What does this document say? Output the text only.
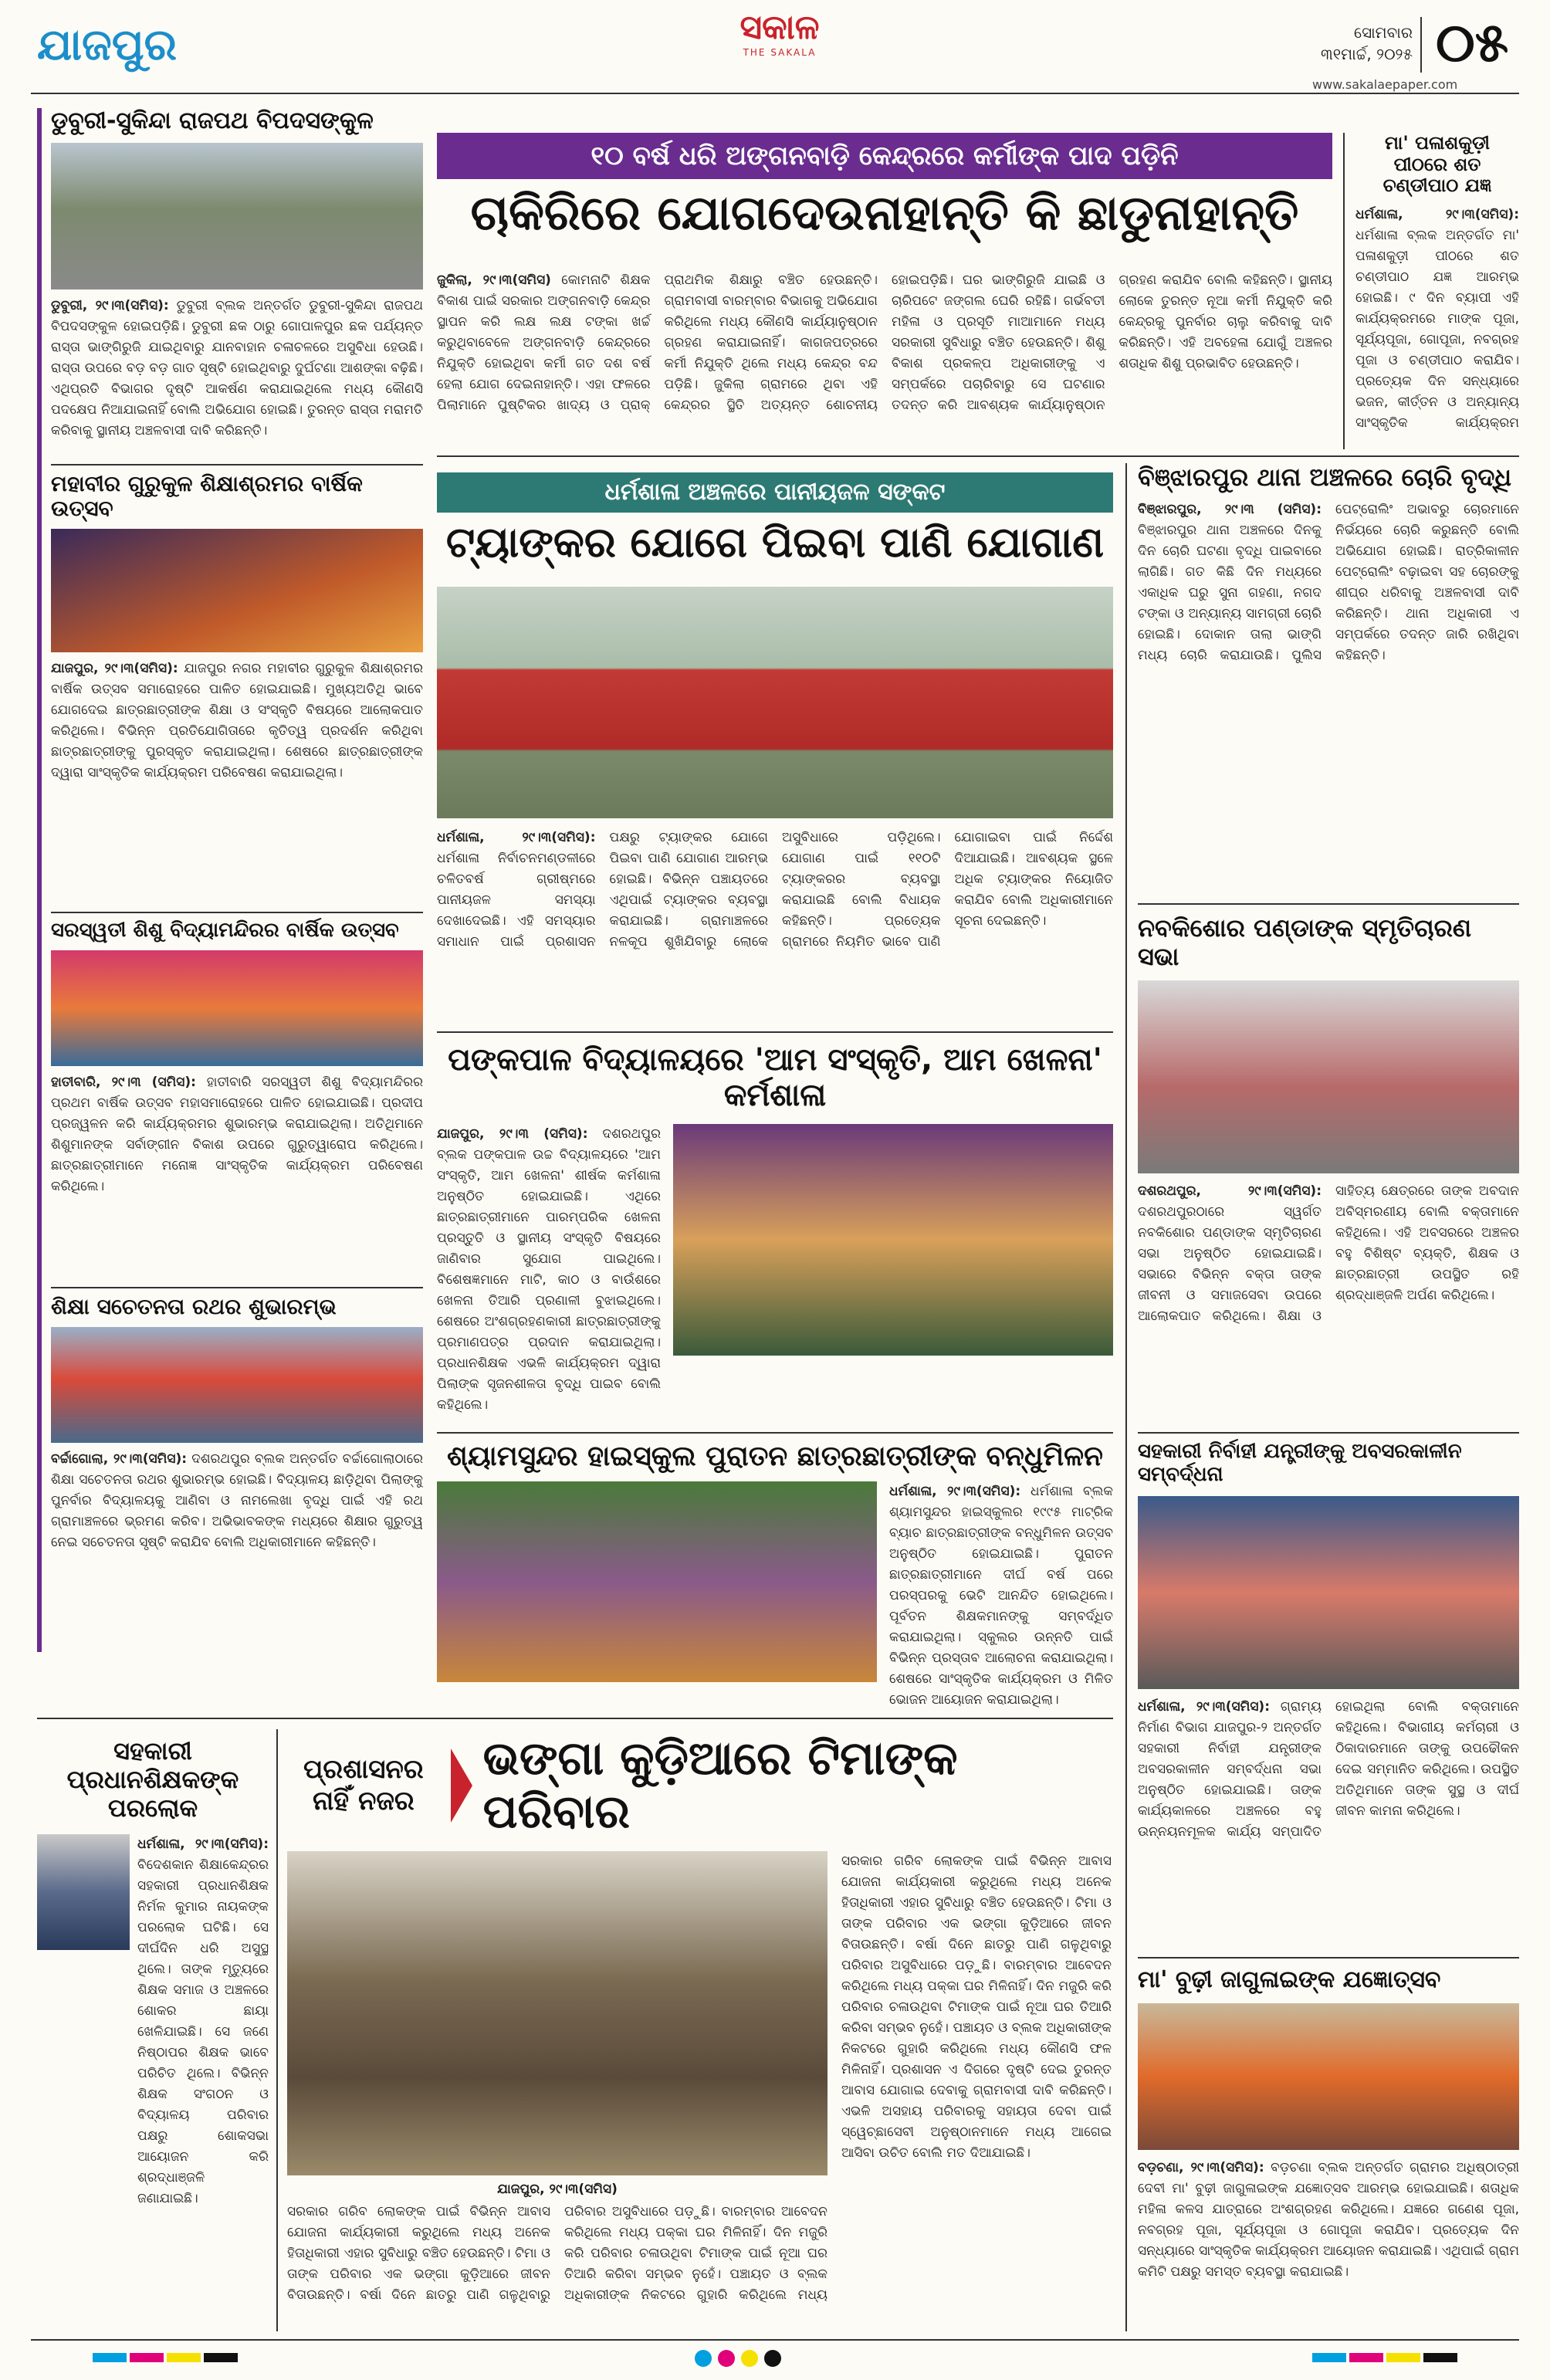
ଯାଜପୁର	ସକାଳ
THE SAKALA
ସୋମବାର
୩୧ମାର୍ଚ୍ଚ, ୨୦୨୫ ୦୫
www.sakalaepaper.com
ଡୁବୁରୀ-ସୁକିନ୍ଦା ରାଜପଥ ବିପଦସଙ୍କୁଳ
ଡୁବୁରୀ, ୨୯।୩(ସମିସ): ଡୁବୁରୀ ବ୍ଲକ ଅନ୍ତର୍ଗତ ଡୁବୁରୀ-ସୁକିନ୍ଦା ରାଜପଥ ବିପଦସଙ୍କୁଳ ହୋଇପଡ଼ିଛି। ଡୁବୁରୀ ଛକ ଠାରୁ ଗୋପାଳପୁର ଛକ ପର୍ଯ୍ୟନ୍ତ ରାସ୍ତା ଭାଙ୍ଗିରୁଜି ଯାଇଥିବାରୁ ଯାନବାହାନ ଚଳାଚଳରେ ଅସୁବିଧା ହେଉଛି। ରାସ୍ତା ଉପରେ ବଡ଼ ବଡ଼ ଗାତ ସୃଷ୍ଟି ହୋଇଥିବାରୁ ଦୁର୍ଘଟଣା ଆଶଙ୍କା ବଢ଼ିଛି। ଏଥିପ୍ରତି ବିଭାଗର ଦୃଷ୍ଟି ଆକର୍ଷଣ କରାଯାଇଥିଲେ ମଧ୍ୟ କୌଣସି ପଦକ୍ଷେପ ନିଆଯାଇନାହିଁ ବୋଲି ଅଭିଯୋଗ ହୋଇଛି। ତୁରନ୍ତ ରାସ୍ତା ମରାମତି କରିବାକୁ ସ୍ଥାନୀୟ ଅଞ୍ଚଳବାସୀ ଦାବି କରିଛନ୍ତି।
ମହାବୀର ଗୁରୁକୁଳ ଶିକ୍ଷାଶ୍ରମର ବାର୍ଷିକ ଉତ୍ସବ
ଯାଜପୁର, ୨୯।୩(ସମିସ): ଯାଜପୁର ନଗର ମହାବୀର ଗୁରୁକୁଳ ଶିକ୍ଷାଶ୍ରମର ବାର୍ଷିକ ଉତ୍ସବ ସମାରୋହରେ ପାଳିତ ହୋଇଯାଇଛି। ମୁଖ୍ୟଅତିଥି ଭାବେ ଯୋଗଦେଇ ଛାତ୍ରଛାତ୍ରୀଙ୍କ ଶିକ୍ଷା ଓ ସଂସ୍କୃତି ବିଷୟରେ ଆଲୋକପାତ କରିଥିଲେ। ବିଭିନ୍ନ ପ୍ରତିଯୋଗିତାରେ କୃତିତ୍ୱ ପ୍ରଦର୍ଶନ କରିଥିବା ଛାତ୍ରଛାତ୍ରୀଙ୍କୁ ପୁରସ୍କୃତ କରାଯାଇଥିଲା। ଶେଷରେ ଛାତ୍ରଛାତ୍ରୀଙ୍କ ଦ୍ୱାରା ସାଂସ୍କୃତିକ କାର୍ଯ୍ୟକ୍ରମ ପରିବେଷଣ କରାଯାଇଥିଲା।
ସରସ୍ୱତୀ ଶିଶୁ ବିଦ୍ୟାମନ୍ଦିରର ବାର୍ଷିକ ଉତ୍ସବ
ହାତୀବାରି, ୨୯।୩ (ସମିସ): ହାତୀବାରି ସରସ୍ୱତୀ ଶିଶୁ ବିଦ୍ୟାମନ୍ଦିରର ପ୍ରଥମ ବାର୍ଷିକ ଉତ୍ସବ ମହାସମାରୋହରେ ପାଳିତ ହୋଇଯାଇଛି। ପ୍ରଦୀପ ପ୍ରଜ୍ୱଳନ କରି କାର୍ଯ୍ୟକ୍ରମର ଶୁଭାରମ୍ଭ କରାଯାଇଥିଲା। ଅତିଥିମାନେ ଶିଶୁମାନଙ୍କ ସର୍ବାଙ୍ଗୀନ ବିକାଶ ଉପରେ ଗୁରୁତ୍ୱାରୋପ କରିଥିଲେ। ଛାତ୍ରଛାତ୍ରୀମାନେ ମନୋଜ୍ଞ ସାଂସ୍କୃତିକ କାର୍ଯ୍ୟକ୍ରମ ପରିବେଷଣ କରିଥିଲେ।
ଶିକ୍ଷା ସଚେତନତା ରଥର ଶୁଭାରମ୍ଭ
ବର୍ଚ୍ଚାଗୋଲା, ୨୯।୩(ସମିସ): ଦଶରଥପୁର ବ୍ଲକ ଅନ୍ତର୍ଗତ ବର୍ଚ୍ଚାଗୋଲାଠାରେ ଶିକ୍ଷା ସଚେତନତା ରଥର ଶୁଭାରମ୍ଭ ହୋଇଛି। ବିଦ୍ୟାଳୟ ଛାଡ଼ିଥିବା ପିଲାଙ୍କୁ ପୁନର୍ବାର ବିଦ୍ୟାଳୟକୁ ଆଣିବା ଓ ନାମଲେଖା ବୃଦ୍ଧି ପାଇଁ ଏହି ରଥ ଗ୍ରାମାଞ୍ଚଳରେ ଭ୍ରମଣ କରିବ। ଅଭିଭାବକଙ୍କ ମଧ୍ୟରେ ଶିକ୍ଷାର ଗୁରୁତ୍ୱ ନେଇ ସଚେତନତା ସୃଷ୍ଟି କରାଯିବ ବୋଲି ଅଧିକାରୀମାନେ କହିଛନ୍ତି।
୧୦ ବର୍ଷ ଧରି ଅଙ୍ଗନବାଡ଼ି କେନ୍ଦ୍ରରେ କର୍ମୀଙ୍କ ପାଦ ପଡ଼ିନି
ଚାକିରିରେ ଯୋଗଦେଉନାହାନ୍ତି କି ଛାଡୁନାହାନ୍ତି
ଜୁକିଲା, ୨୯।୩(ସମିସ) କୋମନାଟି ଶିକ୍ଷକ ବିକାଶ ପାଇଁ ସରକାର ଅଙ୍ଗନବାଡ଼ି କେନ୍ଦ୍ର ସ୍ଥାପନ କରି ଲକ୍ଷ ଲକ୍ଷ ଟଙ୍କା ଖର୍ଚ୍ଚ କରୁଥିବାବେଳେ ଅଙ୍ଗନବାଡ଼ି କେନ୍ଦ୍ରରେ ନିଯୁକ୍ତି ହୋଇଥିବା କର୍ମୀ ଗତ ଦଶ ବର୍ଷ ହେଲା ଯୋଗ ଦେଇନାହାନ୍ତି। ଏହା ଫଳରେ ପିଲାମାନେ ପୁଷ୍ଟିକର ଖାଦ୍ୟ ଓ ପ୍ରାକ୍ ପ୍ରାଥମିକ ଶିକ୍ଷାରୁ ବଞ୍ଚିତ ହେଉଛନ୍ତି। ଗ୍ରାମବାସୀ ବାରମ୍ବାର ବିଭାଗକୁ ଅଭିଯୋଗ କରିଥିଲେ ମଧ୍ୟ କୌଣସି କାର୍ଯ୍ୟାନୁଷ୍ଠାନ ଗ୍ରହଣ କରାଯାଇନାହିଁ। କାଗଜପତ୍ରରେ କର୍ମୀ ନିଯୁକ୍ତି ଥିଲେ ମଧ୍ୟ କେନ୍ଦ୍ର ବନ୍ଦ ପଡ଼ିଛି। ଜୁକିଲା ଗ୍ରାମରେ ଥିବା ଏହି କେନ୍ଦ୍ରର ସ୍ଥିତି ଅତ୍ୟନ୍ତ ଶୋଚନୀୟ ହୋଇପଡ଼ିଛି। ଘର ଭାଙ୍ଗିରୁଜି ଯାଇଛି ଓ ଚାରିପଟେ ଜଙ୍ଗଲ ଘେରି ରହିଛି। ଗର୍ଭବତୀ ମହିଳା ଓ ପ୍ରସୂତି ମାଆମାନେ ମଧ୍ୟ ସରକାରୀ ସୁବିଧାରୁ ବଞ୍ଚିତ ହେଉଛନ୍ତି। ଶିଶୁ ବିକାଶ ପ୍ରକଳ୍ପ ଅଧିକାରୀଙ୍କୁ ଏ ସମ୍ପର୍କରେ ପଚାରିବାରୁ ସେ ଘଟଣାର ତଦନ୍ତ କରି ଆବଶ୍ୟକ କାର୍ଯ୍ୟାନୁଷ୍ଠାନ ଗ୍ରହଣ କରାଯିବ ବୋଲି କହିଛନ୍ତି। ସ୍ଥାନୀୟ ଲୋକେ ତୁରନ୍ତ ନୂଆ କର୍ମୀ ନିଯୁକ୍ତି କରି କେନ୍ଦ୍ରକୁ ପୁନର୍ବାର ଚାଲୁ କରିବାକୁ ଦାବି କରିଛନ୍ତି। ଏହି ଅବହେଳା ଯୋଗୁଁ ଅଞ୍ଚଳର ଶତାଧିକ ଶିଶୁ ପ୍ରଭାବିତ ହେଉଛନ୍ତି।
ମା' ପଳାଶକୁଡ଼ୀ ପୀଠରେ ଶତ ଚଣ୍ଡୀପାଠ ଯଜ୍ଞ
ଧର୍ମଶାଳା, ୨୯।୩(ସମିସ): ଧର୍ମଶାଳା ବ୍ଲକ ଅନ୍ତର୍ଗତ ମା' ପଳାଶକୁଡ଼ୀ ପୀଠରେ ଶତ ଚଣ୍ଡୀପାଠ ଯଜ୍ଞ ଆରମ୍ଭ ହୋଇଛି। ୯ ଦିନ ବ୍ୟାପୀ ଏହି କାର୍ଯ୍ୟକ୍ରମରେ ମାଙ୍କ ପୂଜା, ସୂର୍ଯ୍ୟପୂଜା, ଗୋପୂଜା, ନବଗ୍ରହ ପୂଜା ଓ ଚଣ୍ଡୀପାଠ କରାଯିବ। ପ୍ରତ୍ୟେକ ଦିନ ସନ୍ଧ୍ୟାରେ ଭଜନ, କୀର୍ତ୍ତନ ଓ ଅନ୍ୟାନ୍ୟ ସାଂସ୍କୃତିକ କାର୍ଯ୍ୟକ୍ରମ
ଧର୍ମଶାଳା ଅଞ୍ଚଳରେ ପାନୀୟଜଳ ସଙ୍କଟ
ଟ୍ୟାଙ୍କର ଯୋଗେ ପିଇବା ପାଣି ଯୋଗାଣ
ଧର୍ମଶାଳା, ୨୯।୩(ସମିସ): ଧର୍ମଶାଳା ନିର୍ବାଚନମଣ୍ଡଳୀରେ ଚଳିତବର୍ଷ ଗ୍ରୀଷ୍ମରେ ପାନୀୟଜଳ ସମସ୍ୟା ଦେଖାଦେଇଛି। ଏହି ସମସ୍ୟାର ସମାଧାନ ପାଇଁ ପ୍ରଶାସନ ପକ୍ଷରୁ ଟ୍ୟାଙ୍କର ଯୋଗେ ପିଇବା ପାଣି ଯୋଗାଣ ଆରମ୍ଭ ହୋଇଛି। ବିଭିନ୍ନ ପଞ୍ଚାୟତରେ ଏଥିପାଇଁ ଟ୍ୟାଙ୍କର ବ୍ୟବସ୍ଥା କରାଯାଇଛି। ଗ୍ରାମାଞ୍ଚଳରେ ନଳକୂପ ଶୁଖିଯିବାରୁ ଲୋକେ ଅସୁବିଧାରେ ପଡ଼ିଥିଲେ। ଯୋଗାଣ ପାଇଁ ୧୧୦ଟି ଟ୍ୟାଙ୍କରର ବ୍ୟବସ୍ଥା କରାଯାଇଛି ବୋଲି ବିଧାୟକ କହିଛନ୍ତି। ପ୍ରତ୍ୟେକ ଗ୍ରାମରେ ନିୟମିତ ଭାବେ ପାଣି ଯୋଗାଇବା ପାଇଁ ନିର୍ଦ୍ଦେଶ ଦିଆଯାଇଛି। ଆବଶ୍ୟକ ସ୍ଥଳେ ଅଧିକ ଟ୍ୟାଙ୍କର ନିୟୋଜିତ କରାଯିବ ବୋଲି ଅଧିକାରୀମାନେ ସୂଚନା ଦେଇଛନ୍ତି।
ବିଞ୍ଝାରପୁର ଥାନା ଅଞ୍ଚଳରେ ଚୋରି ବୃଦ୍ଧି
ବିଞ୍ଝାରପୁର, ୨୯।୩ (ସମିସ): ବିଞ୍ଝାରପୁର ଥାନା ଅଞ୍ଚଳରେ ଦିନକୁ ଦିନ ଚୋରି ଘଟଣା ବୃଦ୍ଧି ପାଇବାରେ ଲାଗିଛି। ଗତ କିଛି ଦିନ ମଧ୍ୟରେ ଏକାଧିକ ଘରୁ ସୁନା ଗହଣା, ନଗଦ ଟଙ୍କା ଓ ଅନ୍ୟାନ୍ୟ ସାମଗ୍ରୀ ଚୋରି ହୋଇଛି। ଦୋକାନ ତାଲା ଭାଙ୍ଗି ମଧ୍ୟ ଚୋରି କରାଯାଉଛି। ପୁଲିସ ପେଟ୍ରୋଲିଂ ଅଭାବରୁ ଚୋରମାନେ ନିର୍ଭୟରେ ଚୋରି କରୁଛନ୍ତି ବୋଲି ଅଭିଯୋଗ ହୋଇଛି। ରାତ୍ରିକାଳୀନ ପେଟ୍ରୋଲିଂ ବଢ଼ାଇବା ସହ ଚୋରଙ୍କୁ ଶୀଘ୍ର ଧରିବାକୁ ଅଞ୍ଚଳବାସୀ ଦାବି କରିଛନ୍ତି। ଥାନା ଅଧିକାରୀ ଏ ସମ୍ପର୍କରେ ତଦନ୍ତ ଜାରି ରଖିଥିବା କହିଛନ୍ତି।
ନବକିଶୋର ପଣ୍ଡାଙ୍କ ସ୍ମୃତିଚାରଣ ସଭା
ଦଶରଥପୁର, ୨୯।୩(ସମିସ): ଦଶରଥପୁରଠାରେ ସ୍ୱର୍ଗତ ନବକିଶୋର ପଣ୍ଡାଙ୍କ ସ୍ମୃତିଚାରଣ ସଭା ଅନୁଷ୍ଠିତ ହୋଇଯାଇଛି। ସଭାରେ ବିଭିନ୍ନ ବକ୍ତା ତାଙ୍କ ଜୀବନୀ ଓ ସମାଜସେବା ଉପରେ ଆଲୋକପାତ କରିଥିଲେ। ଶିକ୍ଷା ଓ ସାହିତ୍ୟ କ୍ଷେତ୍ରରେ ତାଙ୍କ ଅବଦାନ ଅବିସ୍ମରଣୀୟ ବୋଲି ବକ୍ତାମାନେ କହିଥିଲେ। ଏହି ଅବସରରେ ଅଞ୍ଚଳର ବହୁ ବିଶିଷ୍ଟ ବ୍ୟକ୍ତି, ଶିକ୍ଷକ ଓ ଛାତ୍ରଛାତ୍ରୀ ଉପସ୍ଥିତ ରହି ଶ୍ରଦ୍ଧାଞ୍ଜଳି ଅର୍ପଣ କରିଥିଲେ।
ପଙ୍କପାଳ ବିଦ୍ୟାଳୟରେ 'ଆମ ସଂସ୍କୃତି, ଆମ ଖେଳନା' କର୍ମଶାଳା
ଯାଜପୁର, ୨୯।୩ (ସମିସ): ଦଶରଥପୁର ବ୍ଲକ ପଙ୍କପାଳ ଉଚ୍ଚ ବିଦ୍ୟାଳୟରେ 'ଆମ ସଂସ୍କୃତି, ଆମ ଖେଳନା' ଶୀର୍ଷକ କର୍ମଶାଳା ଅନୁଷ୍ଠିତ ହୋଇଯାଇଛି। ଏଥିରେ ଛାତ୍ରଛାତ୍ରୀମାନେ ପାରମ୍ପରିକ ଖେଳନା ପ୍ରସ୍ତୁତି ଓ ସ୍ଥାନୀୟ ସଂସ୍କୃତି ବିଷୟରେ ଜାଣିବାର ସୁଯୋଗ ପାଇଥିଲେ। ବିଶେଷଜ୍ଞମାନେ ମାଟି, କାଠ ଓ ବାଉଁଶରେ ଖେଳନା ତିଆରି ପ୍ରଣାଳୀ ବୁଝାଇଥିଲେ। ଶେଷରେ ଅଂଶଗ୍ରହଣକାରୀ ଛାତ୍ରଛାତ୍ରୀଙ୍କୁ ପ୍ରମାଣପତ୍ର ପ୍ରଦାନ କରାଯାଇଥିଲା। ପ୍ରଧାନଶିକ୍ଷକ ଏଭଳି କାର୍ଯ୍ୟକ୍ରମ ଦ୍ୱାରା ପିଲାଙ୍କ ସୃଜନଶୀଳତା ବୃଦ୍ଧି ପାଇବ ବୋଲି କହିଥିଲେ।
ଶ୍ୟାମସୁନ୍ଦର ହାଇସ୍କୁଲ ପୁରାତନ ଛାତ୍ରଛାତ୍ରୀଙ୍କ ବନ୍ଧୁମିଳନ
ଧର୍ମଶାଳା, ୨୯।୩(ସମିସ): ଧର୍ମଶାଳା ବ୍ଲକ ଶ୍ୟାମସୁନ୍ଦର ହାଇସ୍କୁଲର ୧୯୯୫ ମାଟ୍ରିକ ବ୍ୟାଚ ଛାତ୍ରଛାତ୍ରୀଙ୍କ ବନ୍ଧୁମିଳନ ଉତ୍ସବ ଅନୁଷ୍ଠିତ ହୋଇଯାଇଛି। ପୁରାତନ ଛାତ୍ରଛାତ୍ରୀମାନେ ଦୀର୍ଘ ବର୍ଷ ପରେ ପରସ୍ପରକୁ ଭେଟି ଆନନ୍ଦିତ ହୋଇଥିଲେ। ପୂର୍ବତନ ଶିକ୍ଷକମାନଙ୍କୁ ସମ୍ବର୍ଦ୍ଧିତ କରାଯାଇଥିଲା। ସ୍କୁଲର ଉନ୍ନତି ପାଇଁ ବିଭିନ୍ନ ପ୍ରସ୍ତାବ ଆଲୋଚନା କରାଯାଇଥିଲା। ଶେଷରେ ସାଂସ୍କୃତିକ କାର୍ଯ୍ୟକ୍ରମ ଓ ମିଳିତ ଭୋଜନ ଆୟୋଜନ କରାଯାଇଥିଲା।
ସହକାରୀ ନିର୍ବାହୀ ଯନ୍ତ୍ରୀଙ୍କୁ ଅବସରକାଳୀନ ସମ୍ବର୍ଦ୍ଧନା
ଧର୍ମଶାଳା, ୨୯।୩(ସମିସ): ଗ୍ରାମ୍ୟ ନିର୍ମାଣ ବିଭାଗ ଯାଜପୁର-୨ ଅନ୍ତର୍ଗତ ସହକାରୀ ନିର୍ବାହୀ ଯନ୍ତ୍ରୀଙ୍କ ଅବସରକାଳୀନ ସମ୍ବର୍ଦ୍ଧନା ସଭା ଅନୁଷ୍ଠିତ ହୋଇଯାଇଛି। ତାଙ୍କ କାର୍ଯ୍ୟକାଳରେ ଅଞ୍ଚଳରେ ବହୁ ଉନ୍ନୟନମୂଳକ କାର୍ଯ୍ୟ ସମ୍ପାଦିତ ହୋଇଥିଲା ବୋଲି ବକ୍ତାମାନେ କହିଥିଲେ। ବିଭାଗୀୟ କର୍ମଚାରୀ ଓ ଠିକାଦାରମାନେ ତାଙ୍କୁ ଉପଢୌକନ ଦେଇ ସମ୍ମାନିତ କରିଥିଲେ। ଉପସ୍ଥିତ ଅତିଥିମାନେ ତାଙ୍କ ସୁସ୍ଥ ଓ ଦୀର୍ଘ ଜୀବନ କାମନା କରିଥିଲେ।
ସହକାରୀ ପ୍ରଧାନଶିକ୍ଷକଙ୍କ ପରଲୋକ
ଧର୍ମଶାଳା, ୨୯।୩(ସମିସ): ବିଦେଶକାନ ଶିକ୍ଷାକେନ୍ଦ୍ରର ସହକାରୀ ପ୍ରଧାନଶିକ୍ଷକ ନିର୍ମଳ କୁମାର ନାୟକଙ୍କ ପରଲୋକ ଘଟିଛି। ସେ ଦୀର୍ଘଦିନ ଧରି ଅସୁସ୍ଥ ଥିଲେ। ତାଙ୍କ ମୃତ୍ୟୁରେ ଶିକ୍ଷକ ସମାଜ ଓ ଅଞ୍ଚଳରେ ଶୋକର ଛାୟା ଖେଳିଯାଇଛି। ସେ ଜଣେ ନିଷ୍ଠାପର ଶିକ୍ଷକ ଭାବେ ପରିଚିତ ଥିଲେ। ବିଭିନ୍ନ ଶିକ୍ଷକ ସଂଗଠନ ଓ ବିଦ୍ୟାଳୟ ପରିବାର ପକ୍ଷରୁ ଶୋକସଭା ଆୟୋଜନ କରି ଶ୍ରଦ୍ଧାଞ୍ଜଳି ଜଣାଯାଇଛି।
ପ୍ରଶାସନର ନାହିଁ ନଜର
ଭଙ୍ଗା କୁଡ଼ିଆରେ ଟିମାଙ୍କ ପରିବାର
ଯାଜପୁର, ୨୯।୩(ସମିସ)
ସରକାର ଗରିବ ଲୋକଙ୍କ ପାଇଁ ବିଭିନ୍ନ ଆବାସ ଯୋଜନା କାର୍ଯ୍ୟକାରୀ କରୁଥିଲେ ମଧ୍ୟ ଅନେକ ହିତାଧିକାରୀ ଏହାର ସୁବିଧାରୁ ବଞ୍ଚିତ ହେଉଛନ୍ତି। ଟିମା ଓ ତାଙ୍କ ପରିବାର ଏକ ଭଙ୍ଗା କୁଡ଼ିଆରେ ଜୀବନ ବିତାଉଛନ୍ତି। ବର୍ଷା ଦିନେ ଛାତରୁ ପାଣି ଗଳୁଥିବାରୁ ପରିବାର ଅସୁବିଧାରେ ପଡ଼ୁଛି। ବାରମ୍ବାର ଆବେଦନ କରିଥିଲେ ମଧ୍ୟ ପକ୍କା ଘର ମିଳିନାହିଁ। ଦିନ ମଜୁରି କରି ପରିବାର ଚଳାଉଥିବା ଟିମାଙ୍କ ପାଇଁ ନୂଆ ଘର ତିଆରି କରିବା ସମ୍ଭବ ନୁହେଁ। ପଞ୍ଚାୟତ ଓ ବ୍ଲକ ଅଧିକାରୀଙ୍କ ନିକଟରେ ଗୁହାରି କରିଥିଲେ ମଧ୍ୟ
ସରକାର ଗରିବ ଲୋକଙ୍କ ପାଇଁ ବିଭିନ୍ନ ଆବାସ ଯୋଜନା କାର୍ଯ୍ୟକାରୀ କରୁଥିଲେ ମଧ୍ୟ ଅନେକ ହିତାଧିକାରୀ ଏହାର ସୁବିଧାରୁ ବଞ୍ଚିତ ହେଉଛନ୍ତି। ଟିମା ଓ ତାଙ୍କ ପରିବାର ଏକ ଭଙ୍ଗା କୁଡ଼ିଆରେ ଜୀବନ ବିତାଉଛନ୍ତି। ବର୍ଷା ଦିନେ ଛାତରୁ ପାଣି ଗଳୁଥିବାରୁ ପରିବାର ଅସୁବିଧାରେ ପଡ଼ୁଛି। ବାରମ୍ବାର ଆବେଦନ କରିଥିଲେ ମଧ୍ୟ ପକ୍କା ଘର ମିଳିନାହିଁ। ଦିନ ମଜୁରି କରି ପରିବାର ଚଳାଉଥିବା ଟିମାଙ୍କ ପାଇଁ ନୂଆ ଘର ତିଆରି କରିବା ସମ୍ଭବ ନୁହେଁ। ପଞ୍ଚାୟତ ଓ ବ୍ଲକ ଅଧିକାରୀଙ୍କ ନିକଟରେ ଗୁହାରି କରିଥିଲେ ମଧ୍ୟ କୌଣସି ଫଳ ମିଳିନାହିଁ। ପ୍ରଶାସନ ଏ ଦିଗରେ ଦୃଷ୍ଟି ଦେଇ ତୁରନ୍ତ ଆବାସ ଯୋଗାଇ ଦେବାକୁ ଗ୍ରାମବାସୀ ଦାବି କରିଛନ୍ତି। ଏଭଳି ଅସହାୟ ପରିବାରକୁ ସହାୟତା ଦେବା ପାଇଁ ସ୍ୱେଚ୍ଛାସେବୀ ଅନୁଷ୍ଠାନମାନେ ମଧ୍ୟ ଆଗେଇ ଆସିବା ଉଚିତ ବୋଲି ମତ ଦିଆଯାଇଛି।
ମା' ବୁଢ଼ୀ ଜାଗୁଳାଇଙ୍କ ଯଜ୍ଞୋତ୍ସବ
ବଡ଼ଚଣା, ୨୯।୩(ସମିସ): ବଡ଼ଚଣା ବ୍ଲକ ଅନ୍ତର୍ଗତ ଗ୍ରାମର ଅଧିଷ୍ଠାତ୍ରୀ ଦେବୀ ମା' ବୁଢ଼ୀ ଜାଗୁଳାଇଙ୍କ ଯଜ୍ଞୋତ୍ସବ ଆରମ୍ଭ ହୋଇଯାଇଛି। ଶତାଧିକ ମହିଳା କଳସ ଯାତ୍ରାରେ ଅଂଶଗ୍ରହଣ କରିଥିଲେ। ଯଜ୍ଞରେ ଗଣେଶ ପୂଜା, ନବଗ୍ରହ ପୂଜା, ସୂର୍ଯ୍ୟପୂଜା ଓ ଗୋପୂଜା କରାଯିବ। ପ୍ରତ୍ୟେକ ଦିନ ସନ୍ଧ୍ୟାରେ ସାଂସ୍କୃତିକ କାର୍ଯ୍ୟକ୍ରମ ଆୟୋଜନ କରାଯାଇଛି। ଏଥିପାଇଁ ଗ୍ରାମ କମିଟି ପକ୍ଷରୁ ସମସ୍ତ ବ୍ୟବସ୍ଥା କରାଯାଇଛି।
